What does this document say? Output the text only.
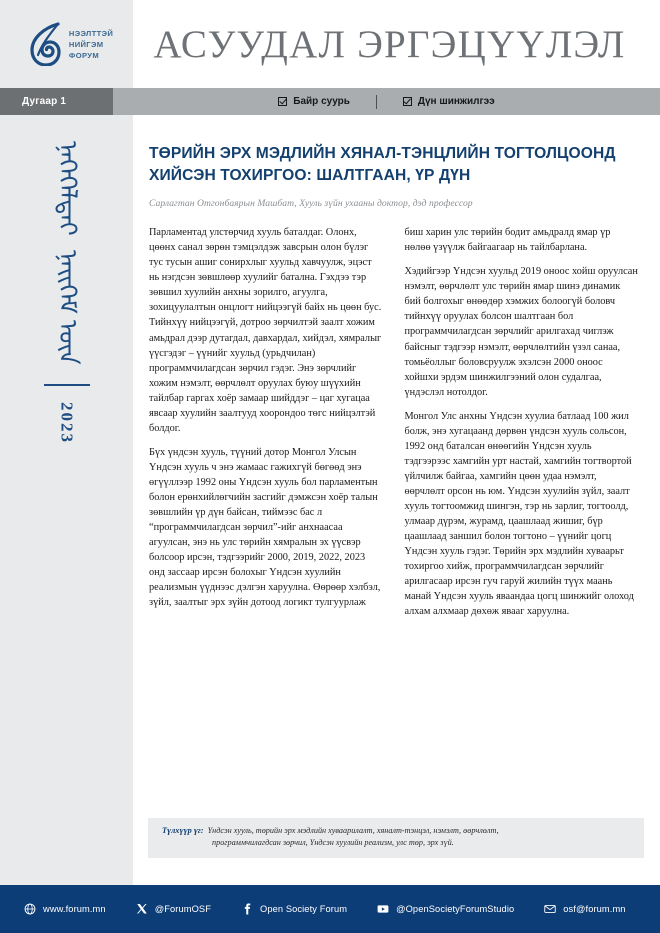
НЭЭЛТТЭЙ
НИЙГЭМ
ФОРУМ	АСУУДАЛ ЭРГЭЦҮҮЛЭЛ
Дугаар 1	Байр суурь	Дүн шинжилгээ
ᠨᠡᠭᠡᠭᠡᠯᠲᠡᠢ
ᠨᠡᠢᠭᠡᠮ ᠦᠨ
2023
ТӨРИЙН ЭРХ МЭДЛИЙН ХЯНАЛ-ТЭНЦЛИЙН ТОГТОЛЦООНД ХИЙСЭН ТОХИРГОО: ШАЛТГААН, ҮР ДҮН
Сарлагтан Отгонбаярын Машбат, Хууль зүйн ухааны доктор, дэд профессор

Парламентад улстөрчид хууль баталдаг. Олонх, цөөнх санал зөрөн тэмцэлдэж завсрын олон бүлэг тус тусын ашиг сонирхлыг хуульд хавчуулж, эцэст нь нэгдсэн зөвшлөөр хуулийг баталнa. Гэхдээ тэр зөвшил хуулийн анхны зорилго, агуулга, зохицуулалтын онцлогт нийцээгүй байх нь цөөн бус. Тийнхүү нийцээгүй, дотроо зөрчилтэй заалт хожим амьдрал дээр дутагдал, давхардал, хийдэл, хямралыг үүсгэдэг – үүнийг хуульд (урьдчилан) программчилагдсан зөрчил гэдэг. Энэ зөрчлийг хожим нэмэлт, өөрчлөлт оруулах буюу шүүхийн тайлбар гаргах хоёр замаар шийддэг – цаг хугацаа явсаар хуулийн заалтууд хоорондоо төгс нийцэлтэй болдог.

Бүх үндсэн хууль, түүний дотор Монгол Улсын Үндсэн хууль ч энэ жамаас гажихгүй бөгөөд энэ өгүүллээр 1992 оны Үндсэн хууль бол парламентын болон ерөнхийлөгчийн засгийг дэмжсэн хоёр талын зөвшлийн үр дүн байсан, тиймээс бас л “программчилагдсан зөрчил”-ийг анхнаасаа агуулсан, энэ нь улс төрийн хямралын эх үүсвэр болсоор ирсэн, тэдгээрийг 2000, 2019, 2022, 2023 онд зассаар ирсэн болохыг Үндсэн хуулийн реализмын үүднээс дэлгэн харуулна. Өөрөөр хэлбэл, зүйл, заалтыг эрх зүйн дотоод логикт тулгуурлаж биш харин улс төрийн бодит амьдралд ямар үр нөлөө үзүүлж байгаагаар нь тайлбарлана.

Хэдийгээр Үндсэн хуульд 2019 оноос хойш оруулсан нэмэлт, өөрчлөлт улс төрийн ямар шинэ динамик бий болгохыг өнөөдөр хэмжих болоогүй боловч тийнхүү оруулах болсон шалтгаан бол программчилагдсан зөрчлийг арилгахад чиглэж байсныг тэдгээр нэмэлт, өөрчлөлтийн үзэл санаа, томьёоллыг боловсруулж эхэлсэн 2000 оноос хойшхи эрдэм шинжилгээний олон судалгаа, үндэслэл нотолдог.

Монгол Улс анхны Үндсэн хуулиа батлаад 100 жил болж, энэ хугацаанд дөрвөн үндсэн хууль сольсон, 1992 онд баталсан өнөөгийн Үндсэн хууль тэдгээрээс хамгийн урт настай, хамгийн тогтвортой үйлчилж байгаа, хамгийн цөөн удаа нэмэлт, өөрчлөлт орсон нь юм. Үндсэн хуулийн зүйл, заалт хууль тогтоомжид шингэн, тэр нь зарлиг, тогтоолд, улмаар дүрэм, журамд, цаашлаад жишиг, бүр цаашлаад заншил болон тогтоно – үүнийг цогц Үндсэн хууль гэдэг. Төрийн эрх мэдлийн хуваарьт тохиргоо хийж, программчилагдсан зөрчлийг арилгасаар ирсэн гуч гаруй жилийн түүх маань манай Үндсэн хууль яваандаа цогц шинжийг олоход алхам алхмаар дөхөж явааг харуулна.

Түлхүүр үг: Үндсэн хууль, төрийн эрх мэдлийн хуваарилалт, хяналт-тэнцэл, нэмэлт, өөрчлөлт,
программчилагдсан зөрчил, Үндсэн хуулийн реализм, улс төр, эрх зүй.
www.forum.mn	@ForumOSF	Open Society Forum	@OpenSocietyForumStudio	osf@forum.mn
